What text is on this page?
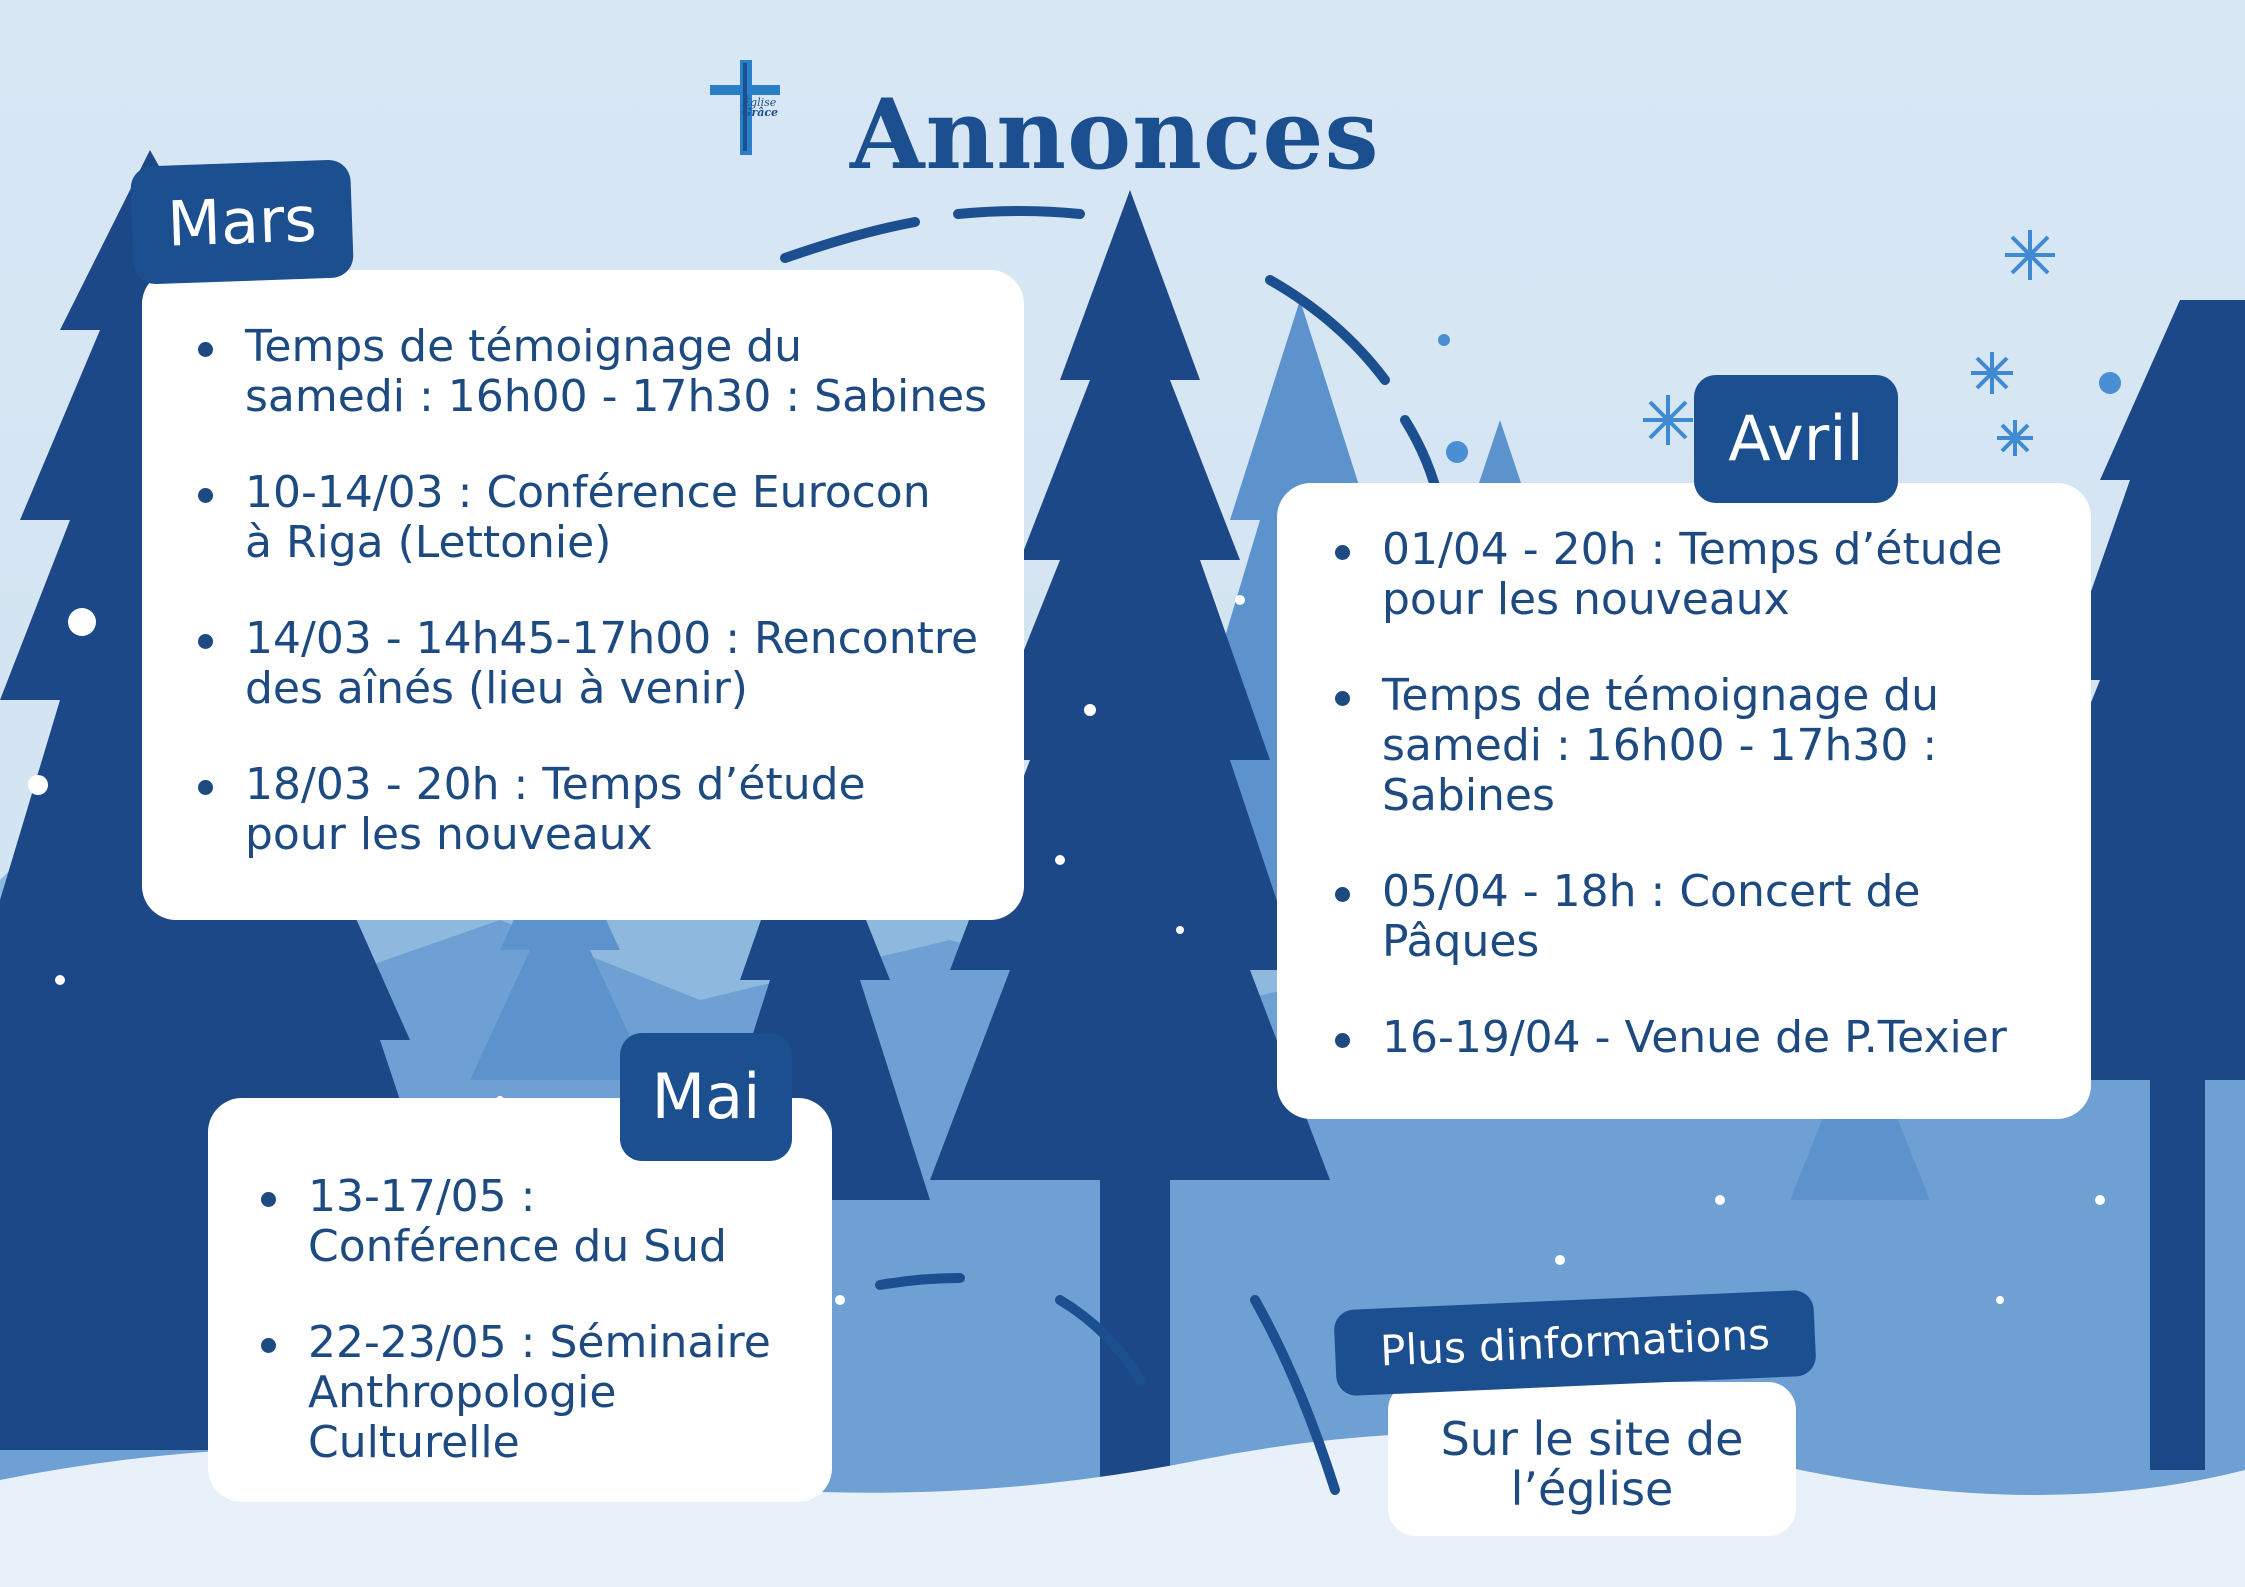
Église
Grâce Annonces
Temps de témoignage du
samedi : 16h00 - 17h30 : Sabines
10-14/03 : Conférence Eurocon
à Riga (Lettonie)
14/03 - 14h45-17h00 : Rencontre
des aînés (lieu à venir)
18/03 - 20h : Temps d’étude
pour les nouveaux
Mars
01/04 - 20h : Temps d’étude
pour les nouveaux
Temps de témoignage du
samedi : 16h00 - 17h30 :
Sabines
05/04 - 18h : Concert de
Pâques
16-19/04 - Venue de P.Texier
Avril
13-17/05 :
Conférence du Sud
22-23/05 : Séminaire
Anthropologie
Culturelle
Mai
Sur le site de
l’église
Plus dinformations
